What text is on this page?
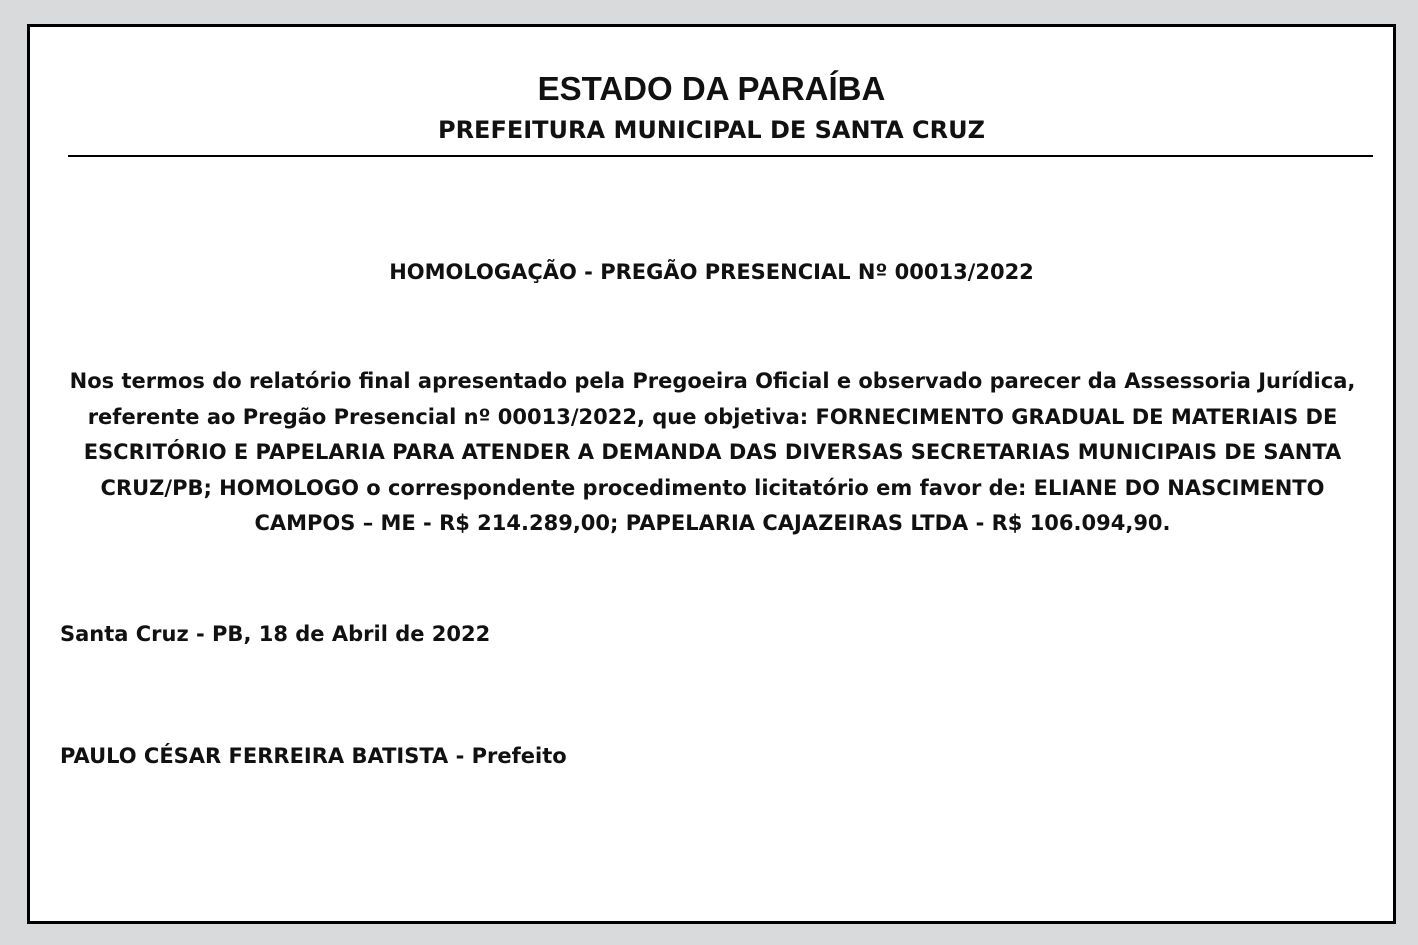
ESTADO DA PARAÍBA
PREFEITURA MUNICIPAL DE SANTA CRUZ
HOMOLOGAÇÃO - PREGÃO PRESENCIAL Nº 00013/2022

Nos termos do relatório final apresentado pela Pregoeira Oficial e observado parecer da Assessoria Jurídica, referente ao Pregão Presencial nº 00013/2022, que objetiva: FORNECIMENTO GRADUAL DE MATERIAIS DE ESCRITÓRIO E PAPELARIA PARA ATENDER A DEMANDA DAS DIVERSAS SECRETARIAS MUNICIPAIS DE SANTA CRUZ/PB; HOMOLOGO o correspondente procedimento licitatório em favor de: ELIANE DO NASCIMENTO CAMPOS – ME - R$ 214.289,00; PAPELARIA CAJAZEIRAS LTDA - R$ 106.094,90.

Santa Cruz - PB, 18 de Abril de 2022

PAULO CÉSAR FERREIRA BATISTA - Prefeito
